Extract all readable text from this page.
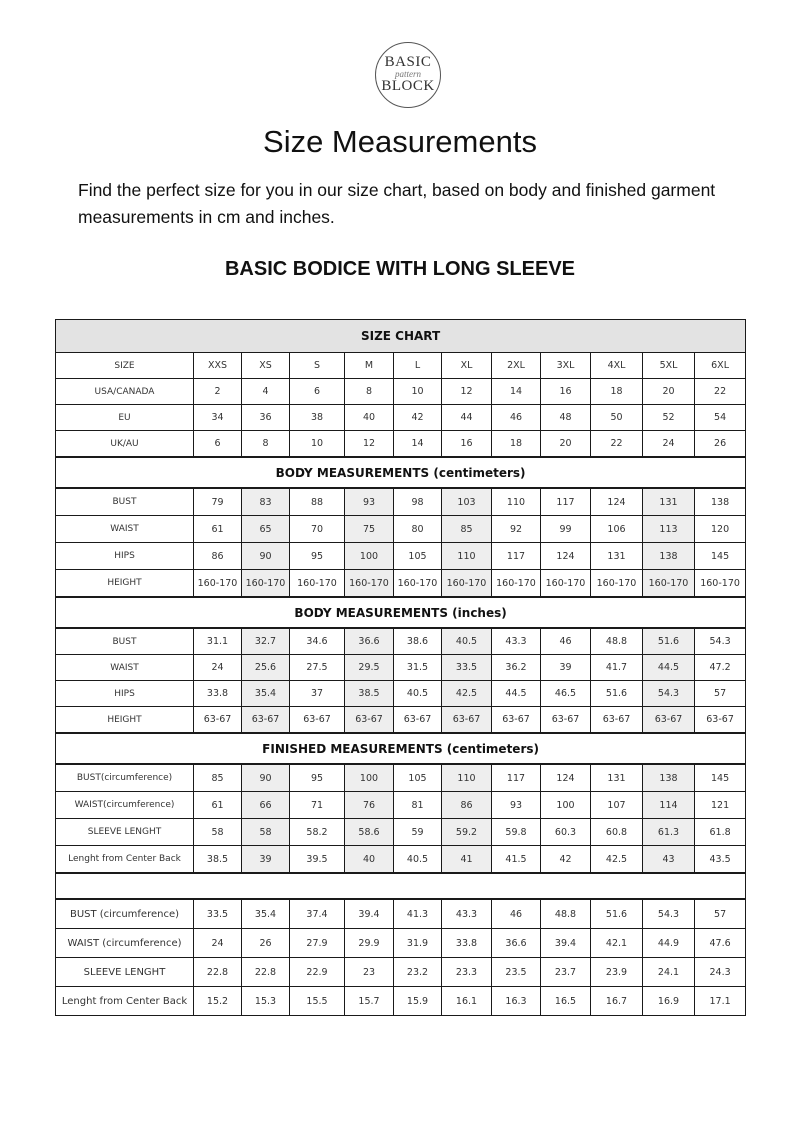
BASIC
pattern
BLOCK
Size Measurements

Find the perfect size for you in our size chart, based on body and finished garment measurements in cm and inches.

BASIC BODICE WITH LONG SLEEVE
SIZE CHART											
SIZE	XXS	XS	S	M	L	XL	2XL	3XL	4XL	5XL	6XL
USA/CANADA	2	4	6	8	10	12	14	16	18	20	22
EU	34	36	38	40	42	44	46	48	50	52	54
UK/AU	6	8	10	12	14	16	18	20	22	24	26
BODY MEASUREMENTS (centimeters)											
BUST	79	83	88	93	98	103	110	117	124	131	138
WAIST	61	65	70	75	80	85	92	99	106	113	120
HIPS	86	90	95	100	105	110	117	124	131	138	145
HEIGHT	160-170	160-170	160-170	160-170	160-170	160-170	160-170	160-170	160-170	160-170	160-170
BODY MEASUREMENTS (inches)											
BUST	31.1	32.7	34.6	36.6	38.6	40.5	43.3	46	48.8	51.6	54.3
WAIST	24	25.6	27.5	29.5	31.5	33.5	36.2	39	41.7	44.5	47.2
HIPS	33.8	35.4	37	38.5	40.5	42.5	44.5	46.5	51.6	54.3	57
HEIGHT	63-67	63-67	63-67	63-67	63-67	63-67	63-67	63-67	63-67	63-67	63-67
FINISHED MEASUREMENTS (centimeters)											
BUST(circumference)	85	90	95	100	105	110	117	124	131	138	145
WAIST(circumference)	61	66	71	76	81	86	93	100	107	114	121
SLEEVE LENGHT	58	58	58.2	58.6	59	59.2	59.8	60.3	60.8	61.3	61.8
Lenght from Center Back	38.5	39	39.5	40	40.5	41	41.5	42	42.5	43	43.5

BUST (circumference)	33.5	35.4	37.4	39.4	41.3	43.3	46	48.8	51.6	54.3	57
WAIST (circumference)	24	26	27.9	29.9	31.9	33.8	36.6	39.4	42.1	44.9	47.6
SLEEVE LENGHT	22.8	22.8	22.9	23	23.2	23.3	23.5	23.7	23.9	24.1	24.3
Lenght from Center Back	15.2	15.3	15.5	15.7	15.9	16.1	16.3	16.5	16.7	16.9	17.1
